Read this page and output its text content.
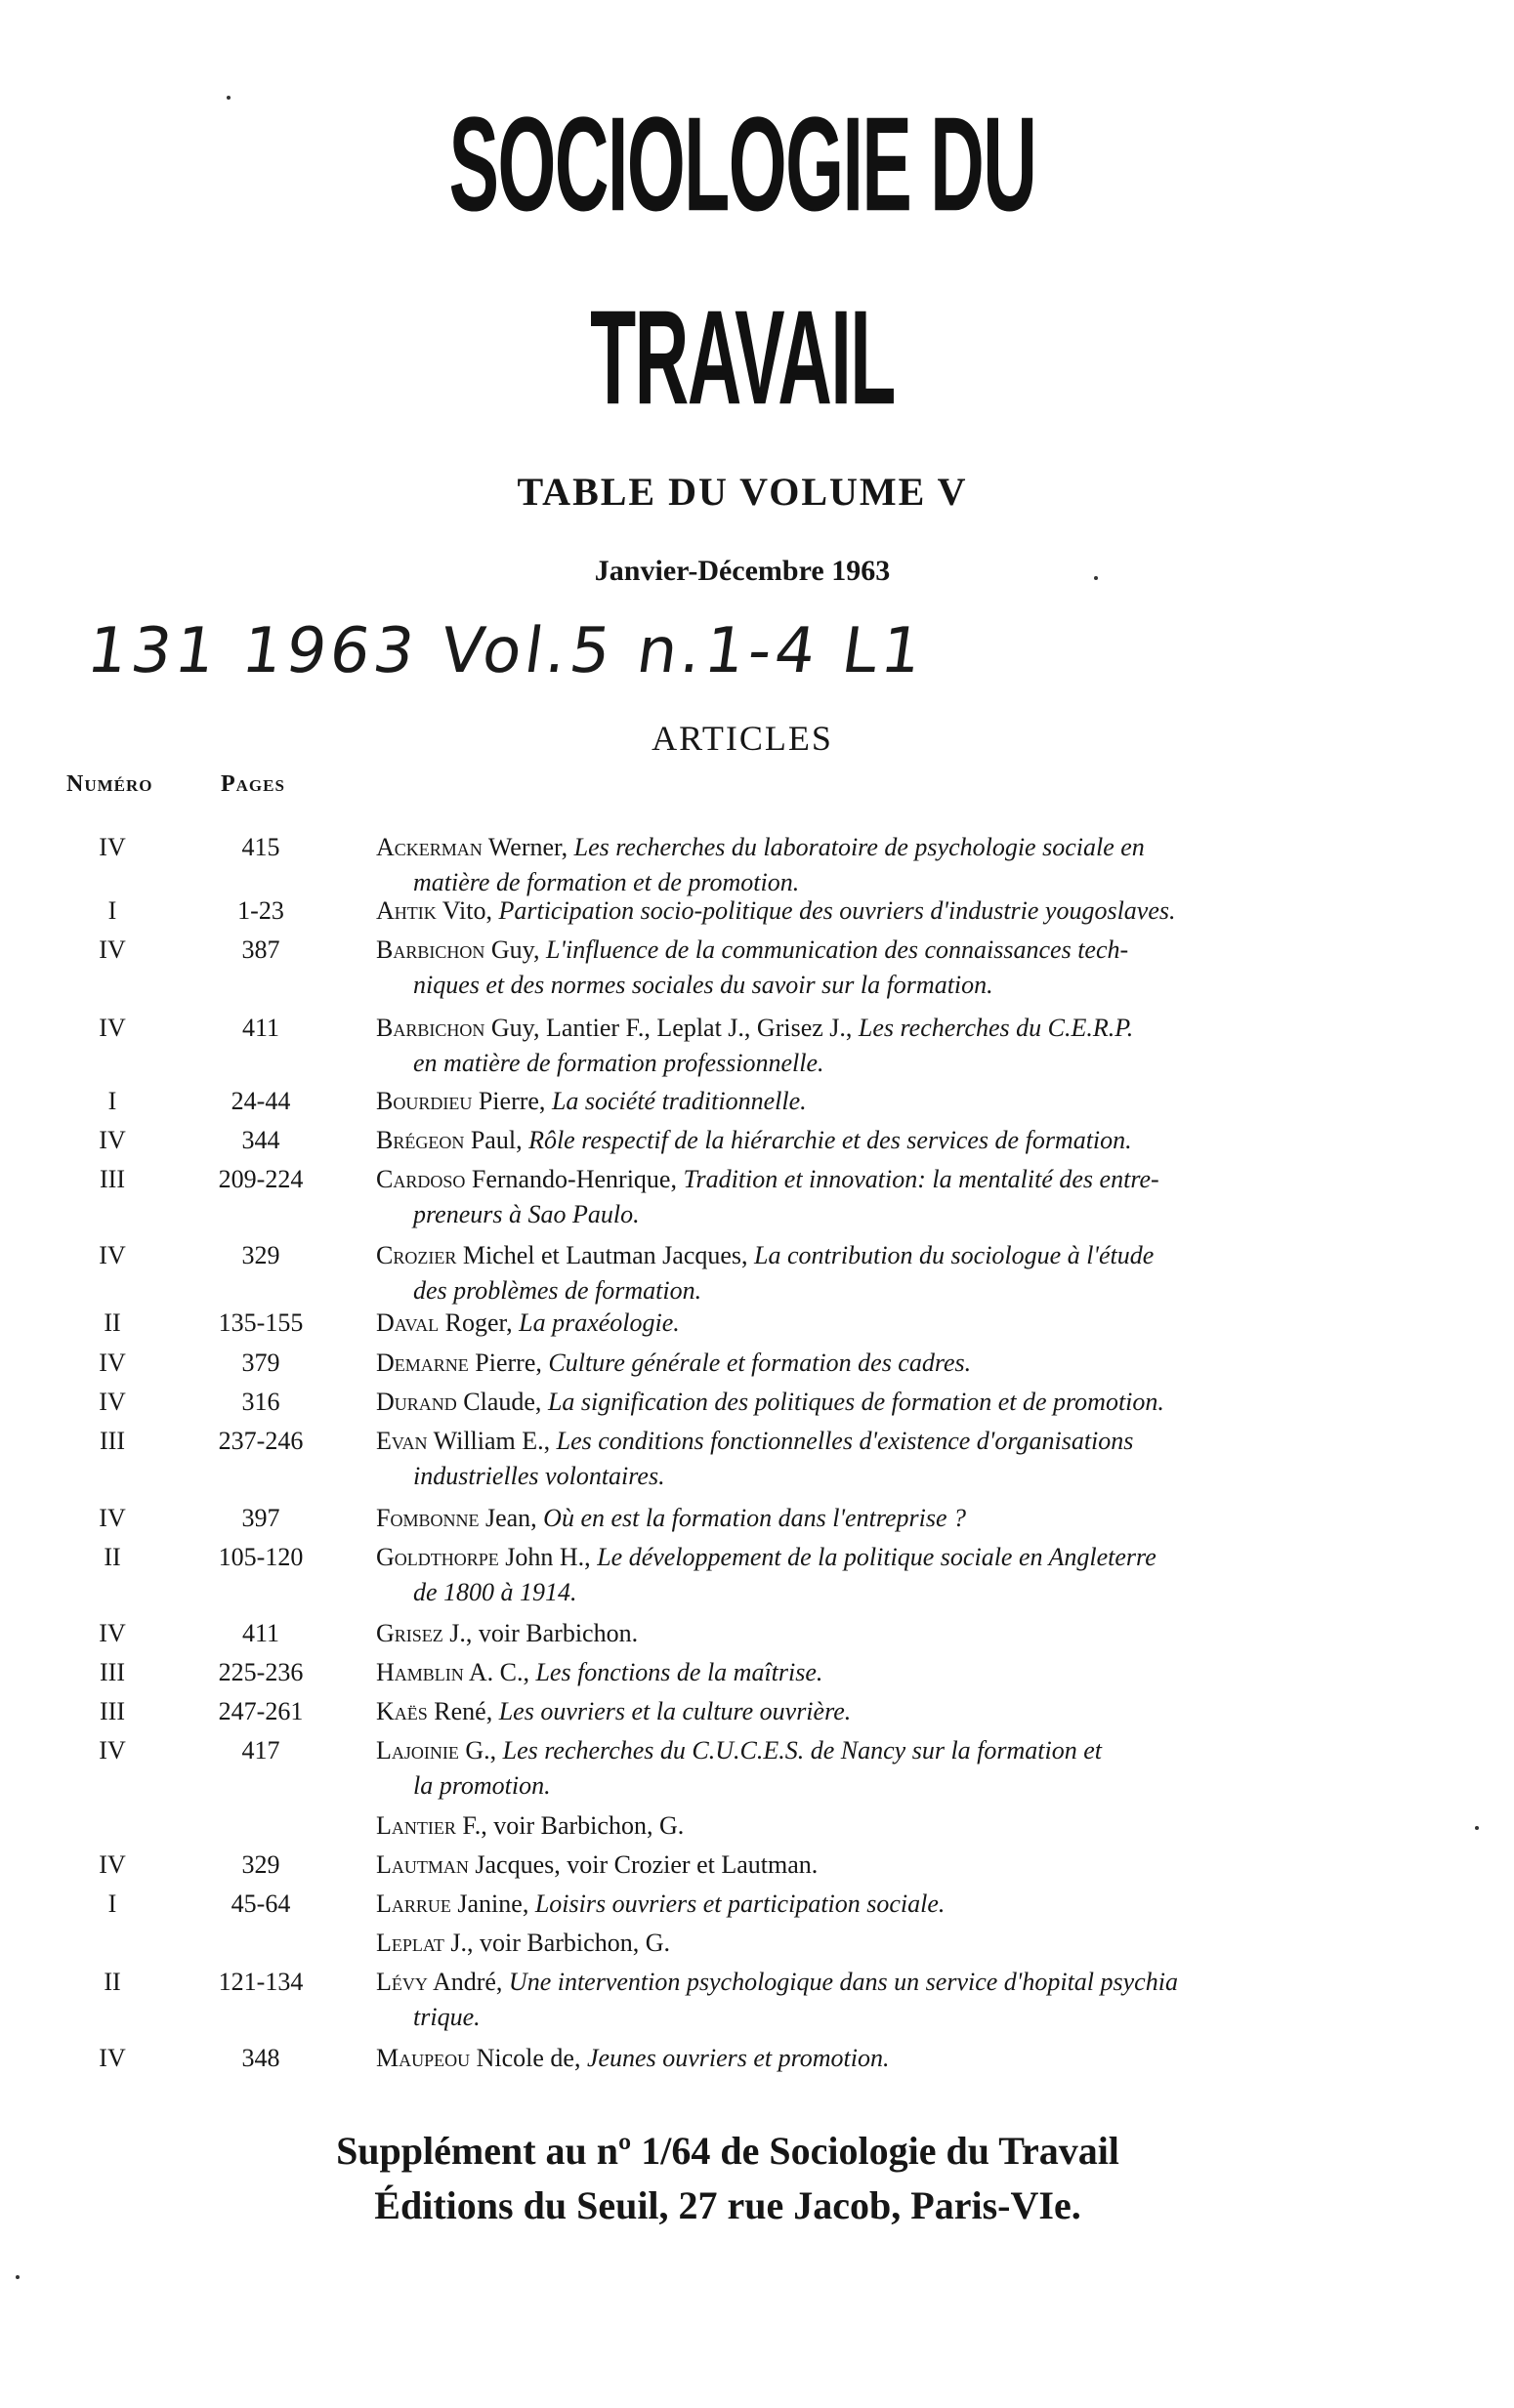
SOCIOLOGIE DU TRAVAIL
TABLE DU VOLUME V
Janvier-Décembre 1963
131 1963 Vol.5 n.1-4 L1
ARTICLES
Numéro	Pages
IV	415	Ackerman Werner, Les recherches du laboratoire de psychologie sociale en
matière de formation et de promotion.
I	1-23	Ahtik Vito, Participation socio-politique des ouvriers d'industrie yougoslaves.
IV	387	Barbichon Guy, L'influence de la communication des connaissances tech-
niques et des normes sociales du savoir sur la formation.
IV	411	Barbichon Guy, Lantier F., Leplat J., Grisez J., Les recherches du C.E.R.P.
en matière de formation professionnelle.
I	24-44	Bourdieu Pierre, La société traditionnelle.
IV	344	Brégeon Paul, Rôle respectif de la hiérarchie et des services de formation.
III	209-224	Cardoso Fernando-Henrique, Tradition et innovation: la mentalité des entre-
preneurs à Sao Paulo.
IV	329	Crozier Michel et Lautman Jacques, La contribution du sociologue à l'étude
des problèmes de formation.
II	135-155	Daval Roger, La praxéologie.
IV	379	Demarne Pierre, Culture générale et formation des cadres.
IV	316	Durand Claude, La signification des politiques de formation et de promotion.
III	237-246	Evan William E., Les conditions fonctionnelles d'existence d'organisations
industrielles volontaires.
IV	397	Fombonne Jean, Où en est la formation dans l'entreprise ?
II	105-120	Goldthorpe John H., Le développement de la politique sociale en Angleterre
de 1800 à 1914.
IV	411	Grisez J., voir Barbichon.
III	225-236	Hamblin A. C., Les fonctions de la maîtrise.
III	247-261	Kaës René, Les ouvriers et la culture ouvrière.
IV	417	Lajoinie G., Les recherches du C.U.C.E.S. de Nancy sur la formation et
la promotion.
Lantier F., voir Barbichon, G.
IV	329	Lautman Jacques, voir Crozier et Lautman.
I	45-64	Larrue Janine, Loisirs ouvriers et participation sociale.
Leplat J., voir Barbichon, G.
II	121-134	Lévy André, Une intervention psychologique dans un service d'hopital psychia
trique.
IV	348	Maupeou Nicole de, Jeunes ouvriers et promotion.
Supplément au nº 1/64 de Sociologie du Travail
Éditions du Seuil, 27 rue Jacob, Paris-VIe.
